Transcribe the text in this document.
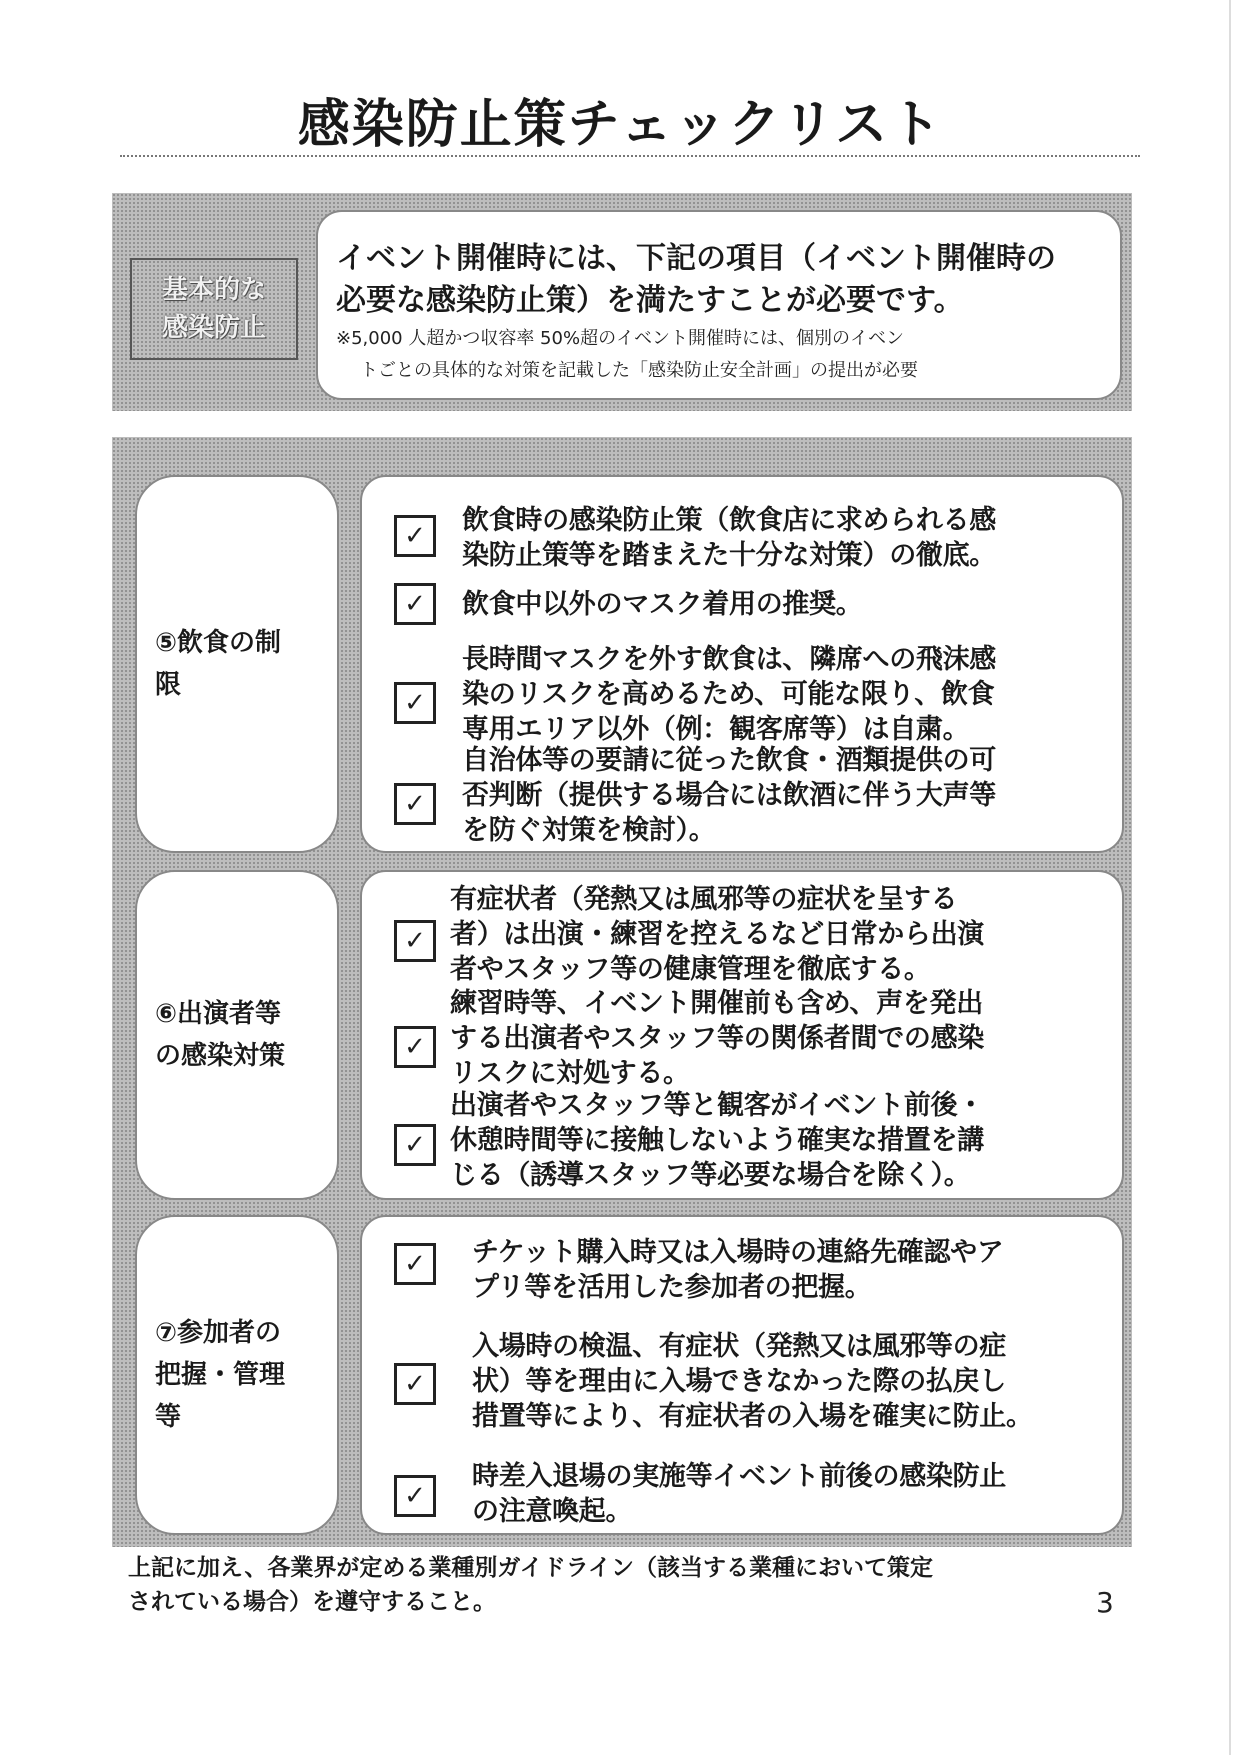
感染防止策チェックリスト
基本的な
感染防止
イベント開催時には、下記の項目（イベント開催時の
必要な感染防止策）を満たすことが必要です。
※5,000 人超かつ収容率 50%超のイベント開催時には、個別のイベン
トごとの具体的な対策を記載した「感染防止安全計画」の提出が必要
⑤飲食の制
限
✓	飲食時の感染防止策（飲食店に求められる感
染防止策等を踏まえた十分な対策）の徹底。
✓	飲食中以外のマスク着用の推奨。
✓
長時間マスクを外す飲食は、隣席への飛沫感
染のリスクを高めるため、可能な限り、飲食
専用エリア以外（例：観客席等）は自粛。
✓
自治体等の要請に従った飲食・酒類提供の可
否判断（提供する場合には飲酒に伴う大声等
を防ぐ対策を検討）。
⑥出演者等
の感染対策
✓
有症状者（発熱又は風邪等の症状を呈する
者）は出演・練習を控えるなど日常から出演
者やスタッフ等の健康管理を徹底する。
✓
練習時等、イベント開催前も含め、声を発出
する出演者やスタッフ等の関係者間での感染
リスクに対処する。
✓
出演者やスタッフ等と観客がイベント前後・
休憩時間等に接触しないよう確実な措置を講
じる（誘導スタッフ等必要な場合を除く）。
⑦参加者の
把握・管理
等
✓	チケット購入時又は入場時の連絡先確認やア
プリ等を活用した参加者の把握。
✓
入場時の検温、有症状（発熱又は風邪等の症
状）等を理由に入場できなかった際の払戻し
措置等により、有症状者の入場を確実に防止。
✓
時差入退場の実施等イベント前後の感染防止
の注意喚起。
上記に加え、各業界が定める業種別ガイドライン（該当する業種において策定
されている場合）を遵守すること。	3
